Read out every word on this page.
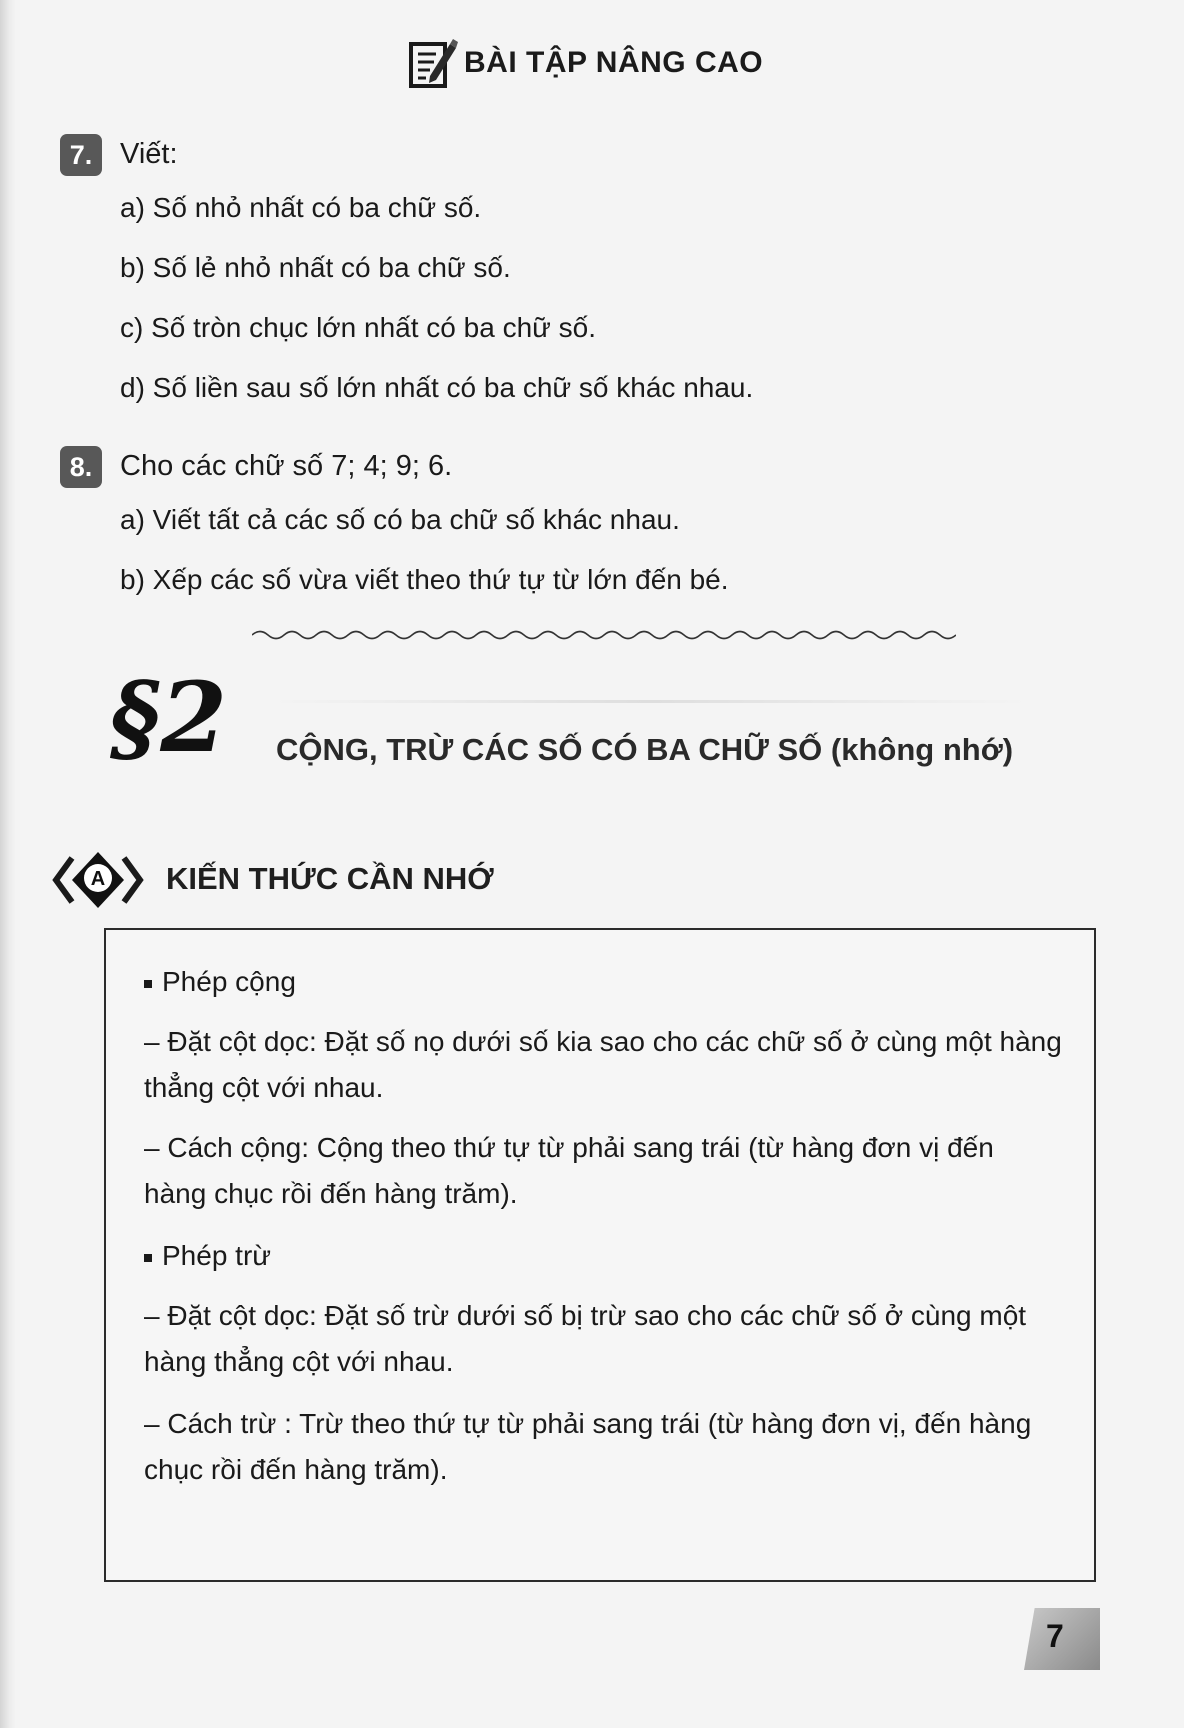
BÀI TẬP NÂNG CAO
7. Viết:
a) Số nhỏ nhất có ba chữ số.
b) Số lẻ nhỏ nhất có ba chữ số.
c) Số tròn chục lớn nhất có ba chữ số.
d) Số liền sau số lớn nhất có ba chữ số khác nhau.
8. Cho các chữ số 7; 4; 9; 6.
a) Viết tất cả các số có ba chữ số khác nhau.
b) Xếp các số vừa viết theo thứ tự từ lớn đến bé.
§2 CỘNG, TRỪ CÁC SỐ CÓ BA CHỮ SỐ (không nhớ)
A KIẾN THỨC CẦN NHỚ
Phép cộng
– Đặt cột dọc: Đặt số nọ dưới số kia sao cho các chữ số ở cùng một hàng
thẳng cột với nhau.
– Cách cộng: Cộng theo thứ tự từ phải sang trái (từ hàng đơn vị đến
hàng chục rồi đến hàng trăm).
Phép trừ
– Đặt cột dọc: Đặt số trừ dưới số bị trừ sao cho các chữ số ở cùng một
hàng thẳng cột với nhau.
– Cách trừ : Trừ theo thứ tự từ phải sang trái (từ hàng đơn vị, đến hàng
chục rồi đến hàng trăm).
7
